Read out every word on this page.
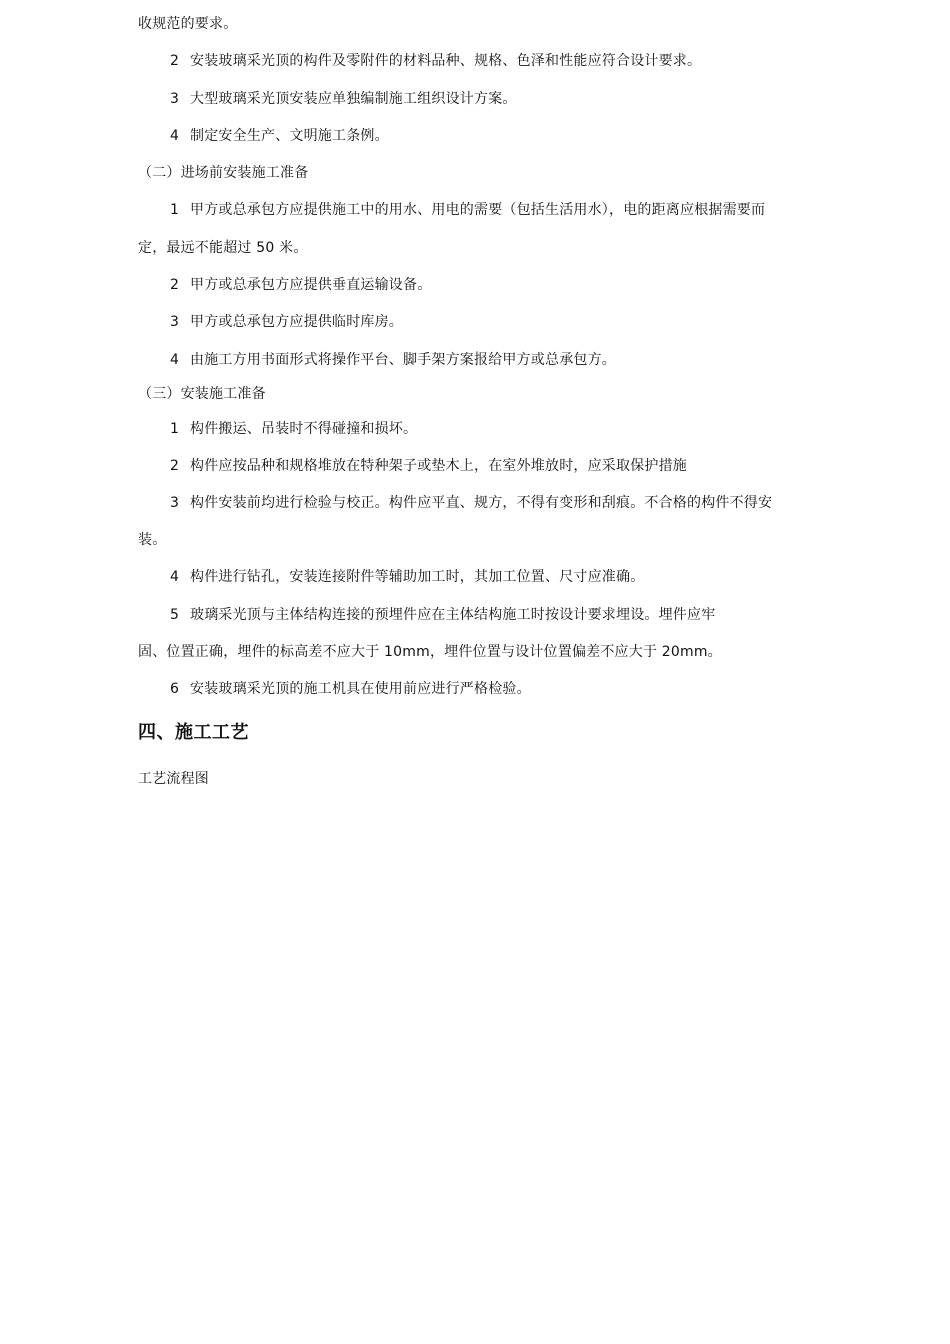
收规范的要求。
2 安装玻璃采光顶的构件及零附件的材料品种、规格、色泽和性能应符合设计要求。
3 大型玻璃采光顶安装应单独编制施工组织设计方案。
4 制定安全生产、文明施工条例。
（二）进场前安装施工准备
1 甲方或总承包方应提供施工中的用水、用电的需要（包括生活用水），电的距离应根据需要而
定，最远不能超过 50 米。
2 甲方或总承包方应提供垂直运输设备。
3 甲方或总承包方应提供临时库房。
4 由施工方用书面形式将操作平台、脚手架方案报给甲方或总承包方。
（三）安装施工准备
1 构件搬运、吊装时不得碰撞和损坏。
2 构件应按品种和规格堆放在特种架子或垫木上，在室外堆放时，应采取保护措施
3 构件安装前均进行检验与校正。构件应平直、规方，不得有变形和刮痕。不合格的构件不得安
装。
4 构件进行钻孔，安装连接附件等辅助加工时，其加工位置、尺寸应准确。
5 玻璃采光顶与主体结构连接的预埋件应在主体结构施工时按设计要求埋设。埋件应牢
固、位置正确，埋件的标高差不应大于 10mm，埋件位置与设计位置偏差不应大于 20mm。
6 安装玻璃采光顶的施工机具在使用前应进行严格检验。
四、施工工艺
工艺流程图
